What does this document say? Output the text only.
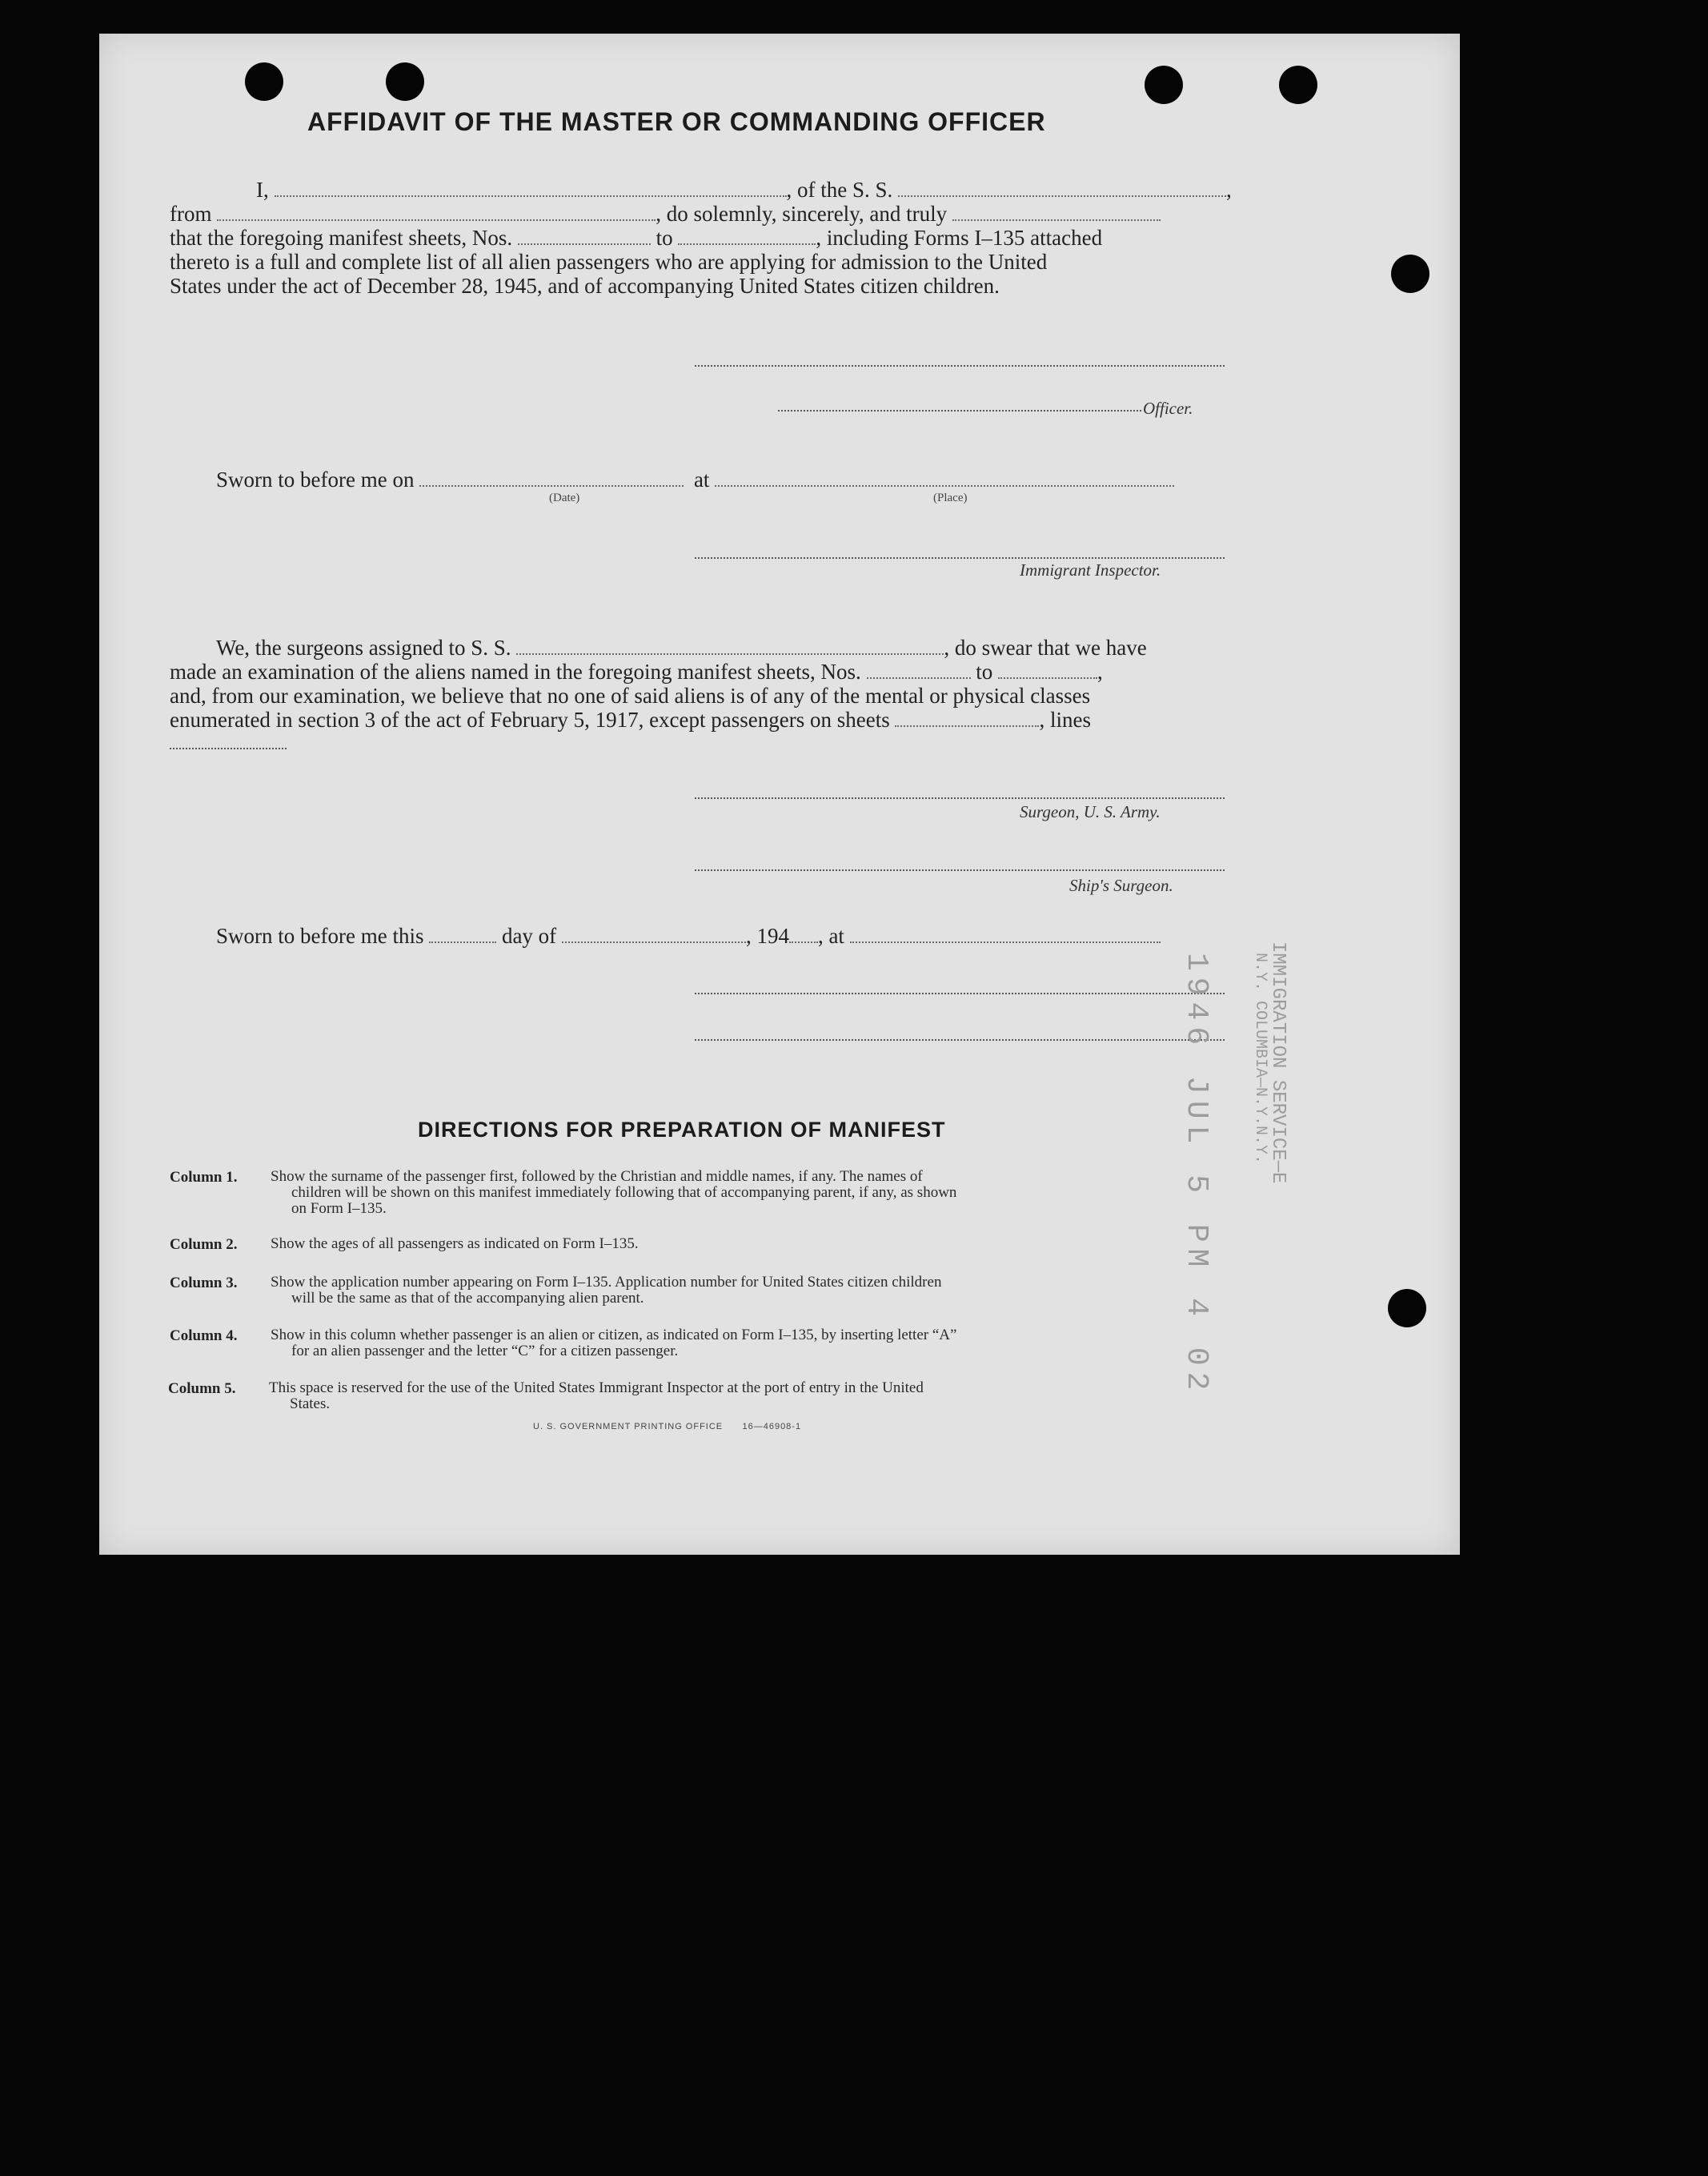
AFFIDAVIT OF THE MASTER OR COMMANDING OFFICER
I,	, of the S. S.	,
from	, do solemnly, sincerely, and truly
that the foregoing manifest sheets, Nos.	to	, including Forms I–135 attached
thereto is a full and complete list of all alien passengers who are applying for admission to the United
States under the act of December 28, 1945, and of accompanying United States citizen children.
Officer.
Sworn to before me on	at
(Date)	(Place)
Immigrant Inspector.
We, the surgeons assigned to S. S.	, do swear that we have
made an examination of the aliens named in the foregoing manifest sheets, Nos.	to	,
and, from our examination, we believe that no one of said aliens is of any of the mental or physical classes
enumerated in section 3 of the act of February 5, 1917, except passengers on sheets	, lines
Surgeon, U. S. Army.
Ship's Surgeon.
Sworn to before me this	day of	, 194 , at
DIRECTIONS FOR PREPARATION OF MANIFEST
Column 1. Show the surname of the passenger first, followed by the Christian and middle names, if any. The names of
children will be shown on this manifest immediately following that of accompanying parent, if any, as shown
on Form I–135.
Column 2. Show the ages of all passengers as indicated on Form I–135.
Column 3. Show the application number appearing on Form I–135. Application number for United States citizen children
will be the same as that of the accompanying alien parent.
Column 4. Show in this column whether passenger is an alien or citizen, as indicated on Form I–135, by inserting letter “A”
for an alien passenger and the letter “C” for a citizen passenger.
Column 5. This space is reserved for the use of the United States Immigrant Inspector at the port of entry in the United
States.
U. S. GOVERNMENT PRINTING OFFICE      16—46908-1
1946 JUL 5 PM 4 02	IMMIGRATION SERVICE—E
N.Y. COLUMBIA—N.Y.N.Y.
